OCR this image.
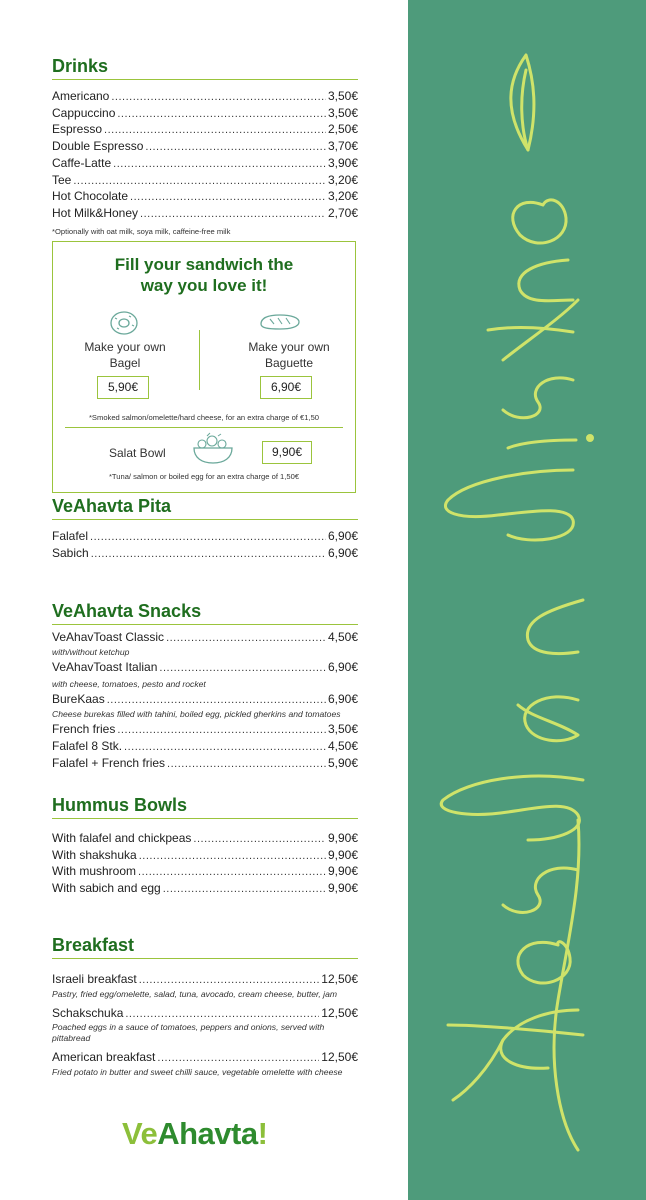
Drinks
Americano .....	3,50€
Cappuccino .....	3,50€
Espresso .....	2,50€
Double Espresso .....	3,70€
Caffe-Latte .....	3,90€
Tee .....	3,20€
Hot Chocolate .....	3,20€
Hot Milk&Honey .....	2,70€
*Optionally with oat milk, soya milk, caffeine-free milk
Fill your sandwich the
way you love it!
Make your own
Bagel
5,90€
Make your own
Baguette
6,90€
*Smoked salmon/omelette/hard cheese, for an extra charge of €1,50
Salat Bowl	9,90€
*Tuna/ salmon or boiled egg for an extra charge of 1,50€
VeAhavta Pita
Falafel .....	6,90€
Sabich .....	6,90€
VeAhavta Snacks
VeAhavToast Classic .....	4,50€
with/without ketchup
VeAhavToast Italian .....	6,90€
with cheese, tomatoes, pesto and rocket
BureKaas .....	6,90€
Cheese burekas filled with tahini, boiled egg, pickled gherkins and tomatoes
French fries .....	3,50€
Falafel 8 Stk. .....	4,50€
Falafel + French fries .....	5,90€
Hummus Bowls
With falafel and chickpeas .....	9,90€
With shakshuka .....	9,90€
With mushroom .....	9,90€
With sabich and egg .....	9,90€
Breakfast
Israeli breakfast .....	12,50€
Pastry, fried egg/omelette, salad, tuna, avocado, cream cheese, butter, jam
Schakschuka .....	12,50€
Poached eggs in a sauce of tomatoes, peppers and onions, served with pittabread
American breakfast .....	12,50€
Fried potato in butter and sweet chilli sauce, vegetable omelette with cheese
VeAhavta!
